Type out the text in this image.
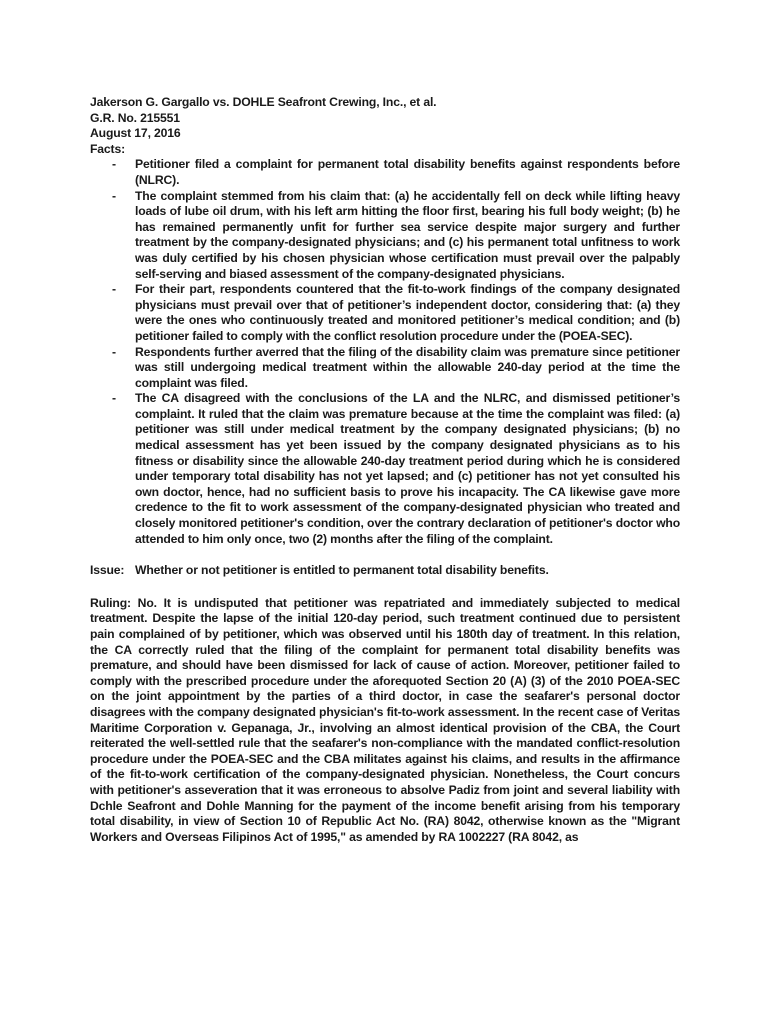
Jakerson G. Gargallo vs. DOHLE Seafront Crewing, Inc., et al.

G.R. No. 215551

August 17, 2016

Facts:

- Petitioner filed a complaint for permanent total disability benefits against respondents before (NLRC).
- The complaint stemmed from his claim that: (a) he accidentally fell on deck while lifting heavy loads of lube oil drum, with his left arm hitting the floor first, bearing his full body weight; (b) he has remained permanently unfit for further sea service despite major surgery and further treatment by the company-designated physicians; and (c) his permanent total unfitness to work was duly certified by his chosen physician whose certification must prevail over the palpably self-serving and biased assessment of the company-designated physicians.
- For their part, respondents countered that the fit-to-work findings of the company designated physicians must prevail over that of petitioner’s independent doctor, considering that: (a) they were the ones who continuously treated and monitored petitioner’s medical condition; and (b) petitioner failed to comply with the conflict resolution procedure under the (POEA-SEC).
- Respondents further averred that the filing of the disability claim was premature since petitioner was still undergoing medical treatment within the allowable 240-day period at the time the complaint was filed.
- The CA disagreed with the conclusions of the LA and the NLRC, and dismissed petitioner’s complaint. It ruled that the claim was premature because at the time the complaint was filed: (a) petitioner was still under medical treatment by the company designated physicians; (b) no medical assessment has yet been issued by the company designated physicians as to his fitness or disability since the allowable 240-day treatment period during which he is considered under temporary total disability has not yet lapsed; and (c) petitioner has not yet consulted his own doctor, hence, had no sufficient basis to prove his incapacity. The CA likewise gave more credence to the fit to work assessment of the company-designated physician who treated and closely monitored petitioner's condition, over the contrary declaration of petitioner's doctor who attended to him only once, two (2) months after the filing of the complaint.
Issue: Whether or not petitioner is entitled to permanent total disability benefits.

Ruling: No. It is undisputed that petitioner was repatriated and immediately subjected to medical treatment. Despite the lapse of the initial 120-day period, such treatment continued due to persistent pain complained of by petitioner, which was observed until his 180th day of treatment. In this relation, the CA correctly ruled that the filing of the complaint for permanent total disability benefits was premature, and should have been dismissed for lack of cause of action. Moreover, petitioner failed to comply with the prescribed procedure under the aforequoted Section 20 (A) (3) of the 2010 POEA-SEC on the joint appointment by the parties of a third doctor, in case the seafarer's personal doctor disagrees with the company designated physician's fit-to-work assessment. In the recent case of Veritas Maritime Corporation v. Gepanaga, Jr., involving an almost identical provision of the CBA, the Court reiterated the well-settled rule that the seafarer's non-compliance with the mandated conflict-resolution procedure under the POEA-SEC and the CBA militates against his claims, and results in the affirmance of the fit-to-work certification of the company-designated physician. Nonetheless, the Court concurs with petitioner's asseveration that it was erroneous to absolve Padiz from joint and several liability with Dchle Seafront and Dohle Manning for the payment of the income benefit arising from his temporary total disability, in view of Section 10 of Republic Act No. (RA) 8042, otherwise known as the "Migrant Workers and Overseas Filipinos Act of 1995," as amended by RA 1002227 (RA 8042, as
